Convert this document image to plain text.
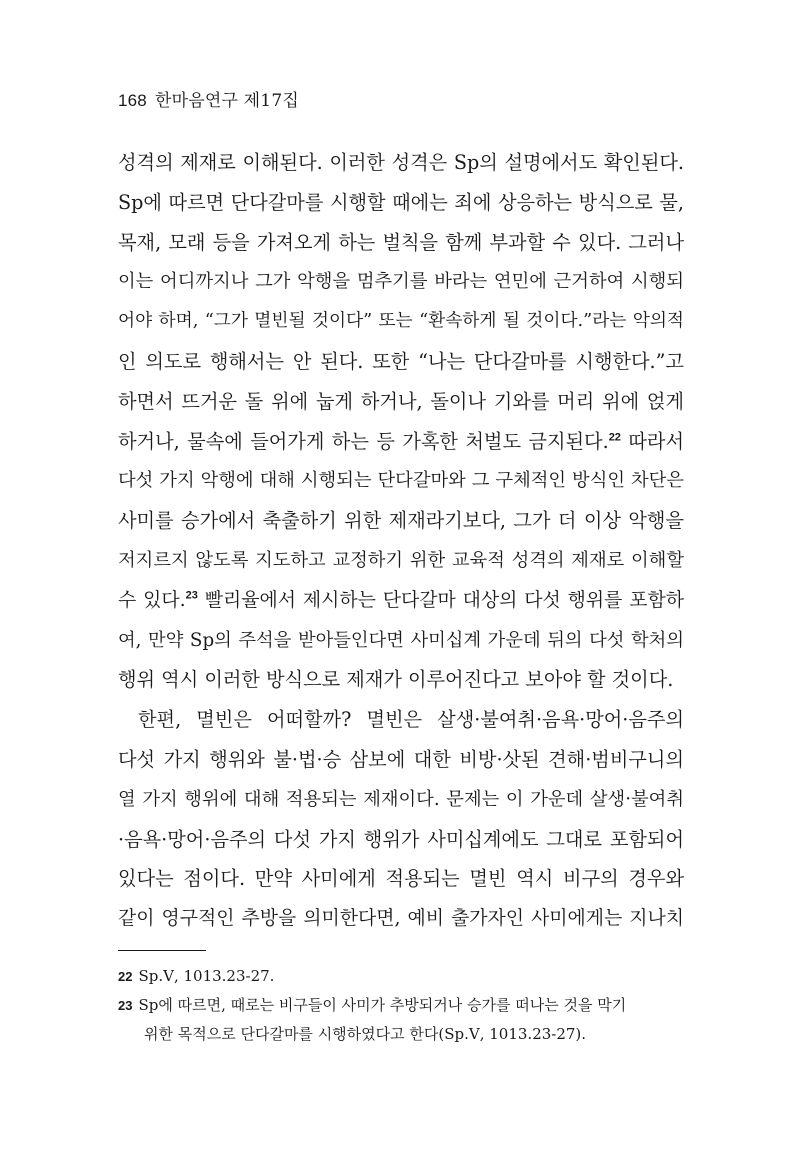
168 한마음연구 제17집
성격의 제재로 이해된다. 이러한 성격은 Sp의 설명에서도 확인된다.
Sp에 따르면 단다갈마를 시행할 때에는 죄에 상응하는 방식으로 물,
목재, 모래 등을 가져오게 하는 벌칙을 함께 부과할 수 있다. 그러나
이는 어디까지나 그가 악행을 멈추기를 바라는 연민에 근거하여 시행되
어야 하며, “그가 멸빈될 것이다” 또는 “환속하게 될 것이다.”라는 악의적
인 의도로 행해서는 안 된다. 또한 “나는 단다갈마를 시행한다.”고
하면서 뜨거운 돌 위에 눕게 하거나, 돌이나 기와를 머리 위에 얹게
하거나, 물속에 들어가게 하는 등 가혹한 처벌도 금지된다.$^{22}$ 따라서
다섯 가지 악행에 대해 시행되는 단다갈마와 그 구체적인 방식인 차단은
사미를 승가에서 축출하기 위한 제재라기보다, 그가 더 이상 악행을
저지르지 않도록 지도하고 교정하기 위한 교육적 성격의 제재로 이해할
수 있다.$^{23}$ 빨리율에서 제시하는 단다갈마 대상의 다섯 행위를 포함하
여, 만약 Sp의 주석을 받아들인다면 사미십계 가운데 뒤의 다섯 학처의
행위 역시 이러한 방식으로 제재가 이루어진다고 보아야 할 것이다.
한편, 멸빈은 어떠할까? 멸빈은 살생·불여취·음욕·망어·음주의
다섯 가지 행위와 불·법·승 삼보에 대한 비방·삿된 견해·범비구니의
열 가지 행위에 대해 적용되는 제재이다. 문제는 이 가운데 살생·불여취
·음욕·망어·음주의 다섯 가지 행위가 사미십계에도 그대로 포함되어
있다는 점이다. 만약 사미에게 적용되는 멸빈 역시 비구의 경우와
같이 영구적인 추방을 의미한다면, 예비 출가자인 사미에게는 지나치
22 Sp.Ⅴ, 1013.23-27.
23 Sp에 따르면, 때로는 비구들이 사미가 추방되거나 승가를 떠나는 것을 막기
위한 목적으로 단다갈마를 시행하였다고 한다(Sp.Ⅴ, 1013.23-27).
